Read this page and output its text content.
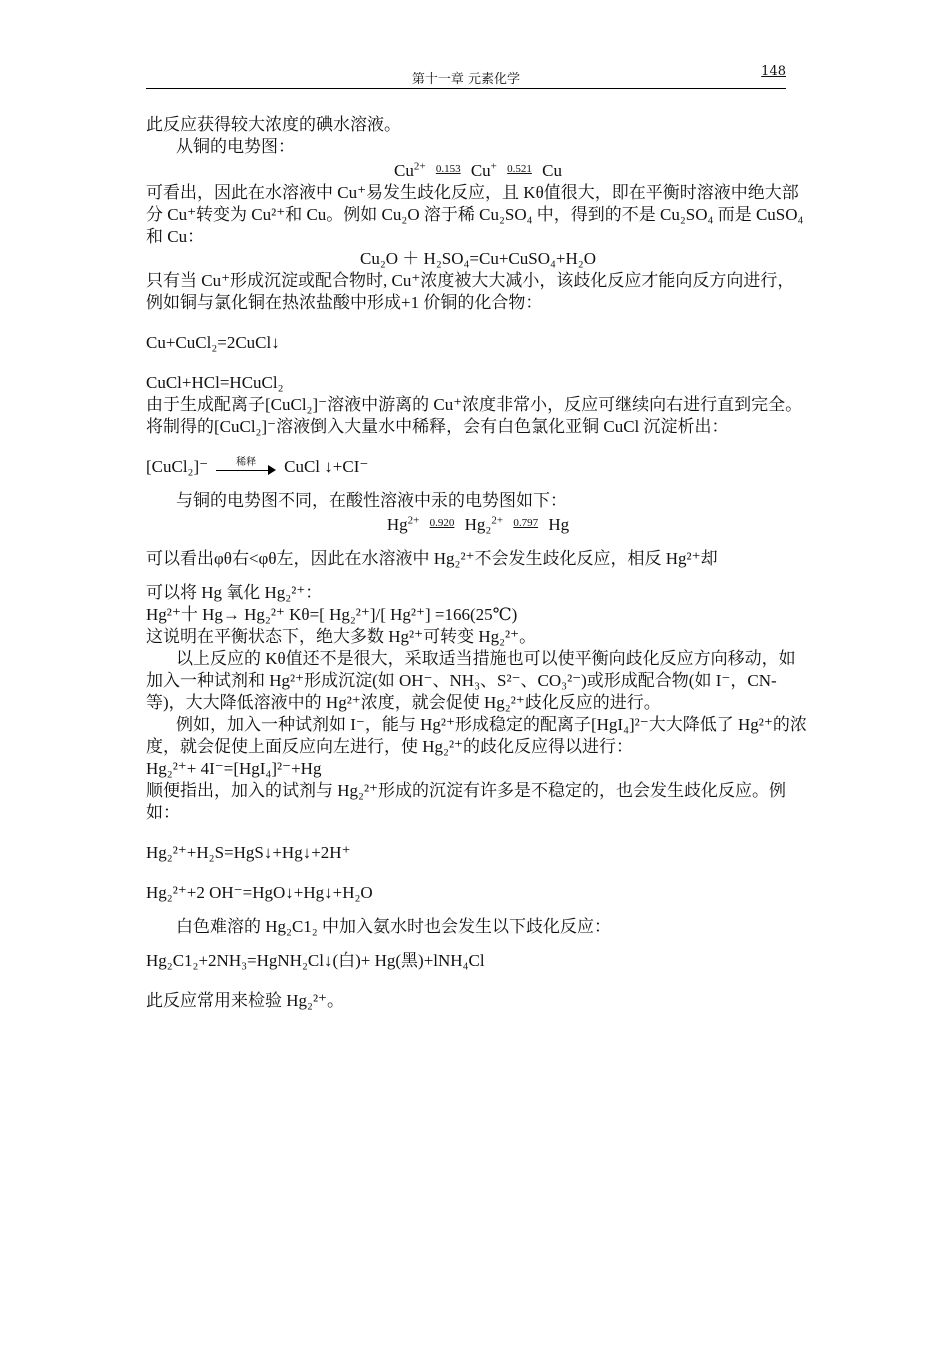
第十一章 元素化学
148

此反应获得较大浓度的碘水溶液。

从铜的电势图：

$Cu^{2+}$ 0.153 Cu+ 0.521 Cu

可看出，因此在水溶液中 Cu⁺易发生歧化反应，且 Kθ值很大，即在平衡时溶液中绝大部分 Cu⁺转变为 Cu²⁺和 Cu。例如 Cu₂O 溶于稀 Cu₂SO₄ 中，得到的不是 Cu₂SO₄ 而是 CuSO₄ 和 Cu：

Cu₂O ＋ H₂SO₄=Cu+CuSO₄+H₂O

只有当 Cu⁺形成沉淀或配合物时, Cu⁺浓度被大大减小，该歧化反应才能向反方向进行，

例如铜与氯化铜在热浓盐酸中形成+1 价铜的化合物：

Cu+CuCl₂=2CuCl↓

CuCl+HCl=HCuCl₂

由于生成配离子[CuCl₂]⁻溶液中游离的 Cu⁺浓度非常小，反应可继续向右进行直到完全。

将制得的[CuCl₂]⁻溶液倒入大量水中稀释，会有白色氯化亚铜 CuCl 沉淀析出：

[CuCl₂]⁻	稀释	CuCl ↓+CI⁻

与铜的电势图不同，在酸性溶液中汞的电势图如下：

$Hg^{2+}$ 0.920 Hg₂$^{2+}$ 0.797 Hg

可以看出φθ右<φθ左，因此在水溶液中 Hg₂²⁺不会发生歧化反应，相反 Hg²⁺却

可以将 Hg 氧化 Hg₂²⁺：

Hg²⁺十 Hg→ Hg₂²⁺ Kθ=[ Hg₂²⁺]/[ Hg²⁺] =166(25℃)

这说明在平衡状态下，绝大多数 Hg²⁺可转变 Hg₂²⁺。

以上反应的 Kθ值还不是很大，采取适当措施也可以使平衡向歧化反应方向移动，如加入一种试剂和 Hg²⁺形成沉淀(如 OH⁻、NH₃、S²⁻、CO₃²⁻)或形成配合物(如 I⁻，CN-等)，大大降低溶液中的 Hg²⁺浓度，就会促使 Hg₂²⁺歧化反应的进行。

例如，加入一种试剂如 I⁻，能与 Hg²⁺形成稳定的配离子[HgI₄]²⁻大大降低了 Hg²⁺的浓度，就会促使上面反应向左进行，使 Hg₂²⁺的歧化反应得以进行：

Hg₂²⁺+ 4I⁻=[HgI₄]²⁻+Hg

顺便指出，加入的试剂与 Hg₂²⁺形成的沉淀有许多是不稳定的，也会发生歧化反应。例如：

Hg₂²⁺+H₂S=HgS↓+Hg↓+2H⁺

Hg₂²⁺+2 OH⁻=HgO↓+Hg↓+H₂O

白色难溶的 Hg₂C1₂ 中加入氨水时也会发生以下歧化反应：

Hg₂C1₂+2NH₃=HgNH₂Cl↓(白)+ Hg(黑)+lNH₄Cl

此反应常用来检验 Hg₂²⁺。
